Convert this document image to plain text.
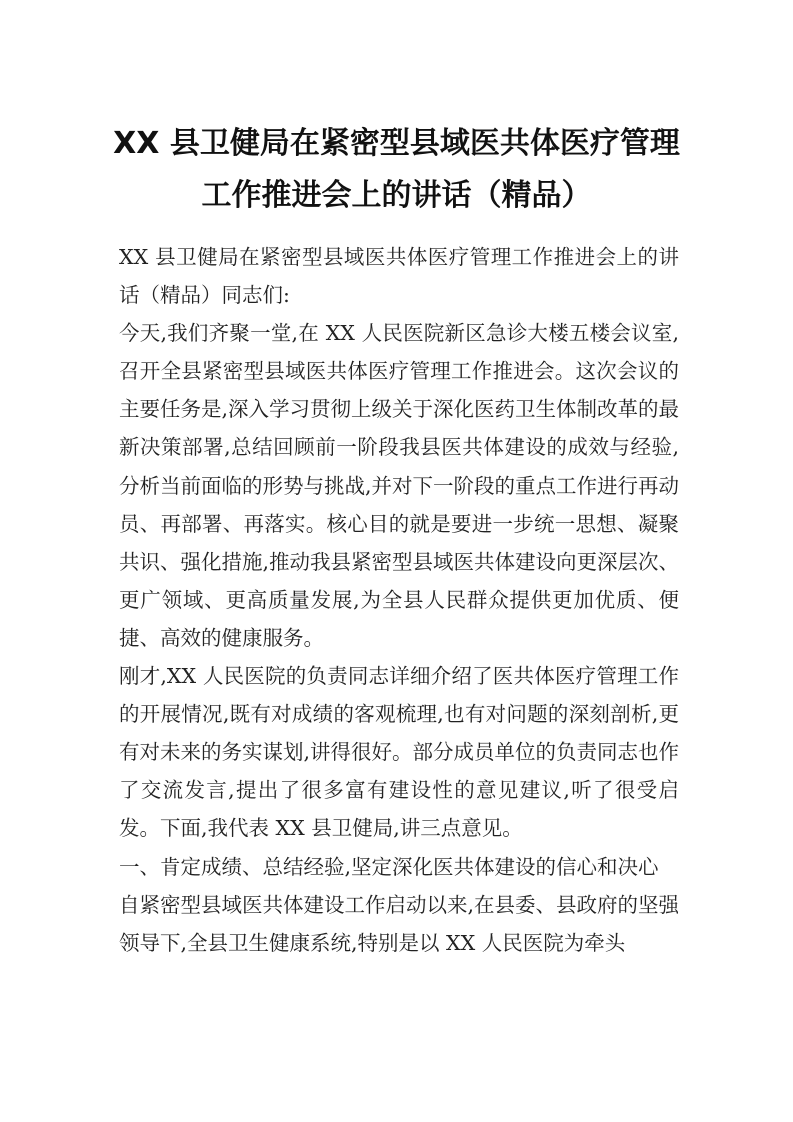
XX 县卫健局在紧密型县域医共体医疗管理
工作推进会上的讲话（精品）

XX 县卫健局在紧密型县域医共体医疗管理工作推进会上的讲话（精品）同志们:

今天,我们齐聚一堂,在 XX 人民医院新区急诊大楼五楼会议室,召开全县紧密型县域医共体医疗管理工作推进会。这次会议的主要任务是,深入学习贯彻上级关于深化医药卫生体制改革的最新决策部署,总结回顾前一阶段我县医共体建设的成效与经验,分析当前面临的形势与挑战,并对下一阶段的重点工作进行再动员、再部署、再落实。核心目的就是要进一步统一思想、凝聚共识、强化措施,推动我县紧密型县域医共体建设向更深层次、更广领域、更高质量发展,为全县人民群众提供更加优质、便捷、高效的健康服务。

刚才,XX 人民医院的负责同志详细介绍了医共体医疗管理工作的开展情况,既有对成绩的客观梳理,也有对问题的深刻剖析,更有对未来的务实谋划,讲得很好。部分成员单位的负责同志也作了交流发言,提出了很多富有建设性的意见建议,听了很受启发。下面,我代表 XX 县卫健局,讲三点意见。

一、肯定成绩、总结经验,坚定深化医共体建设的信心和决心

自紧密型县域医共体建设工作启动以来,在县委、县政府的坚强领导下,全县卫生健康系统,特别是以 XX 人民医院为牵头
